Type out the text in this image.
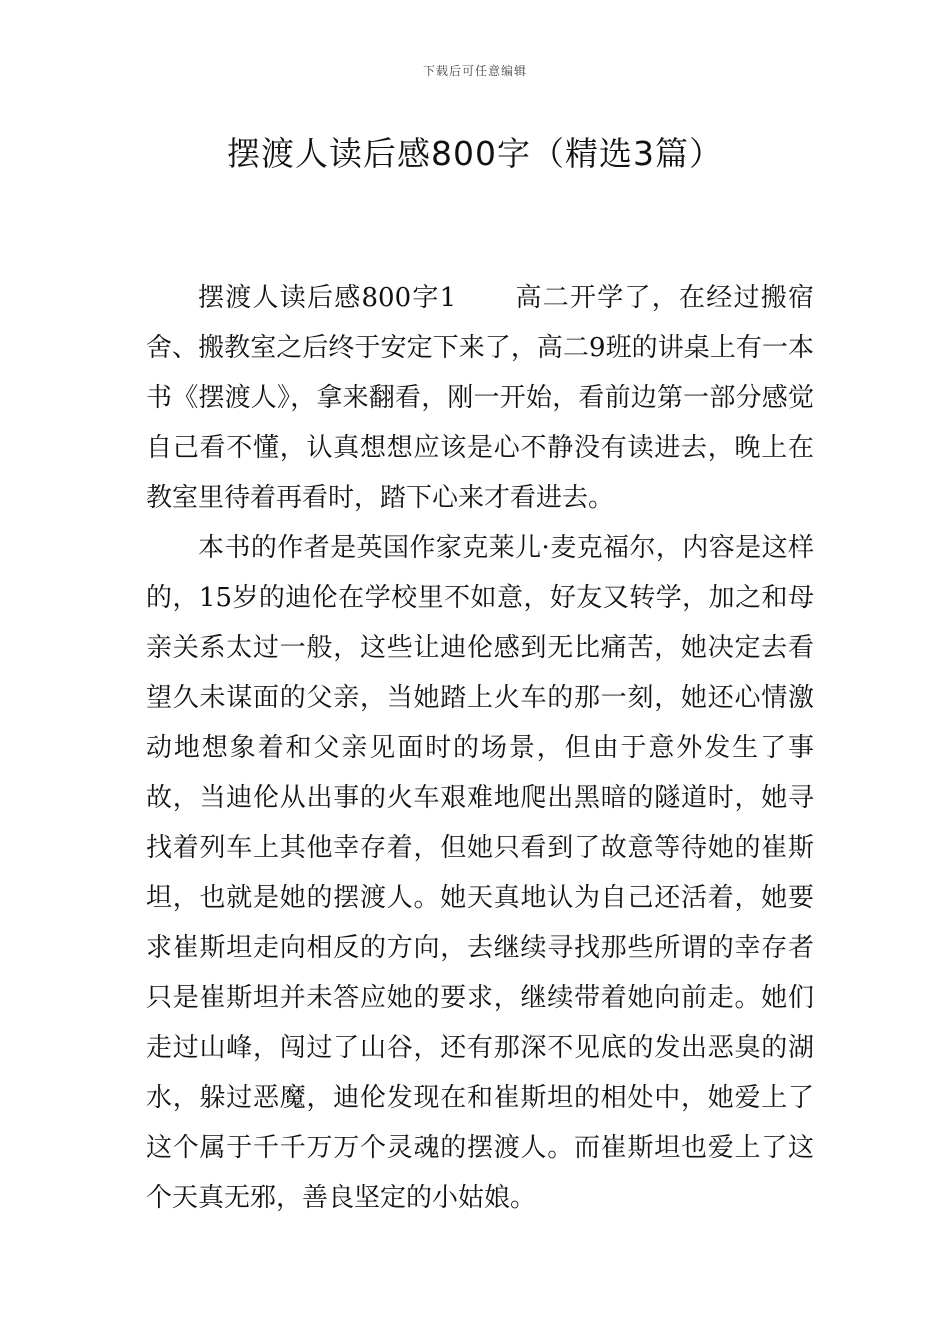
下载后可任意编辑
摆渡人读后感800字（精选3篇）

摆渡人读后感800字1 高二开学了，在经过搬宿舍、搬教室之后终于安定下来了，高二9班的讲桌上有一本书《摆渡人》，拿来翻看，刚一开始，看前边第一部分感觉自己看不懂，认真想想应该是心不静没有读进去，晚上在教室里待着再看时，踏下心来才看进去。

本书的作者是英国作家克莱儿·麦克福尔，内容是这样的，15岁的迪伦在学校里不如意，好友又转学，加之和母亲关系太过一般，这些让迪伦感到无比痛苦，她决定去看望久未谋面的父亲，当她踏上火车的那一刻，她还心情激动地想象着和父亲见面时的场景，但由于意外发生了事故，当迪伦从出事的火车艰难地爬出黑暗的隧道时，她寻找着列车上其他幸存着，但她只看到了故意等待她的崔斯坦，也就是她的摆渡人。她天真地认为自己还活着，她要求崔斯坦走向相反的方向，去继续寻找那些所谓的幸存者只是崔斯坦并未答应她的要求，继续带着她向前走。她们走过山峰，闯过了山谷，还有那深不见底的发出恶臭的湖水，躲过恶魔，迪伦发现在和崔斯坦的相处中，她爱上了这个属于千千万万个灵魂的摆渡人。而崔斯坦也爱上了这个天真无邪，善良坚定的小姑娘。
